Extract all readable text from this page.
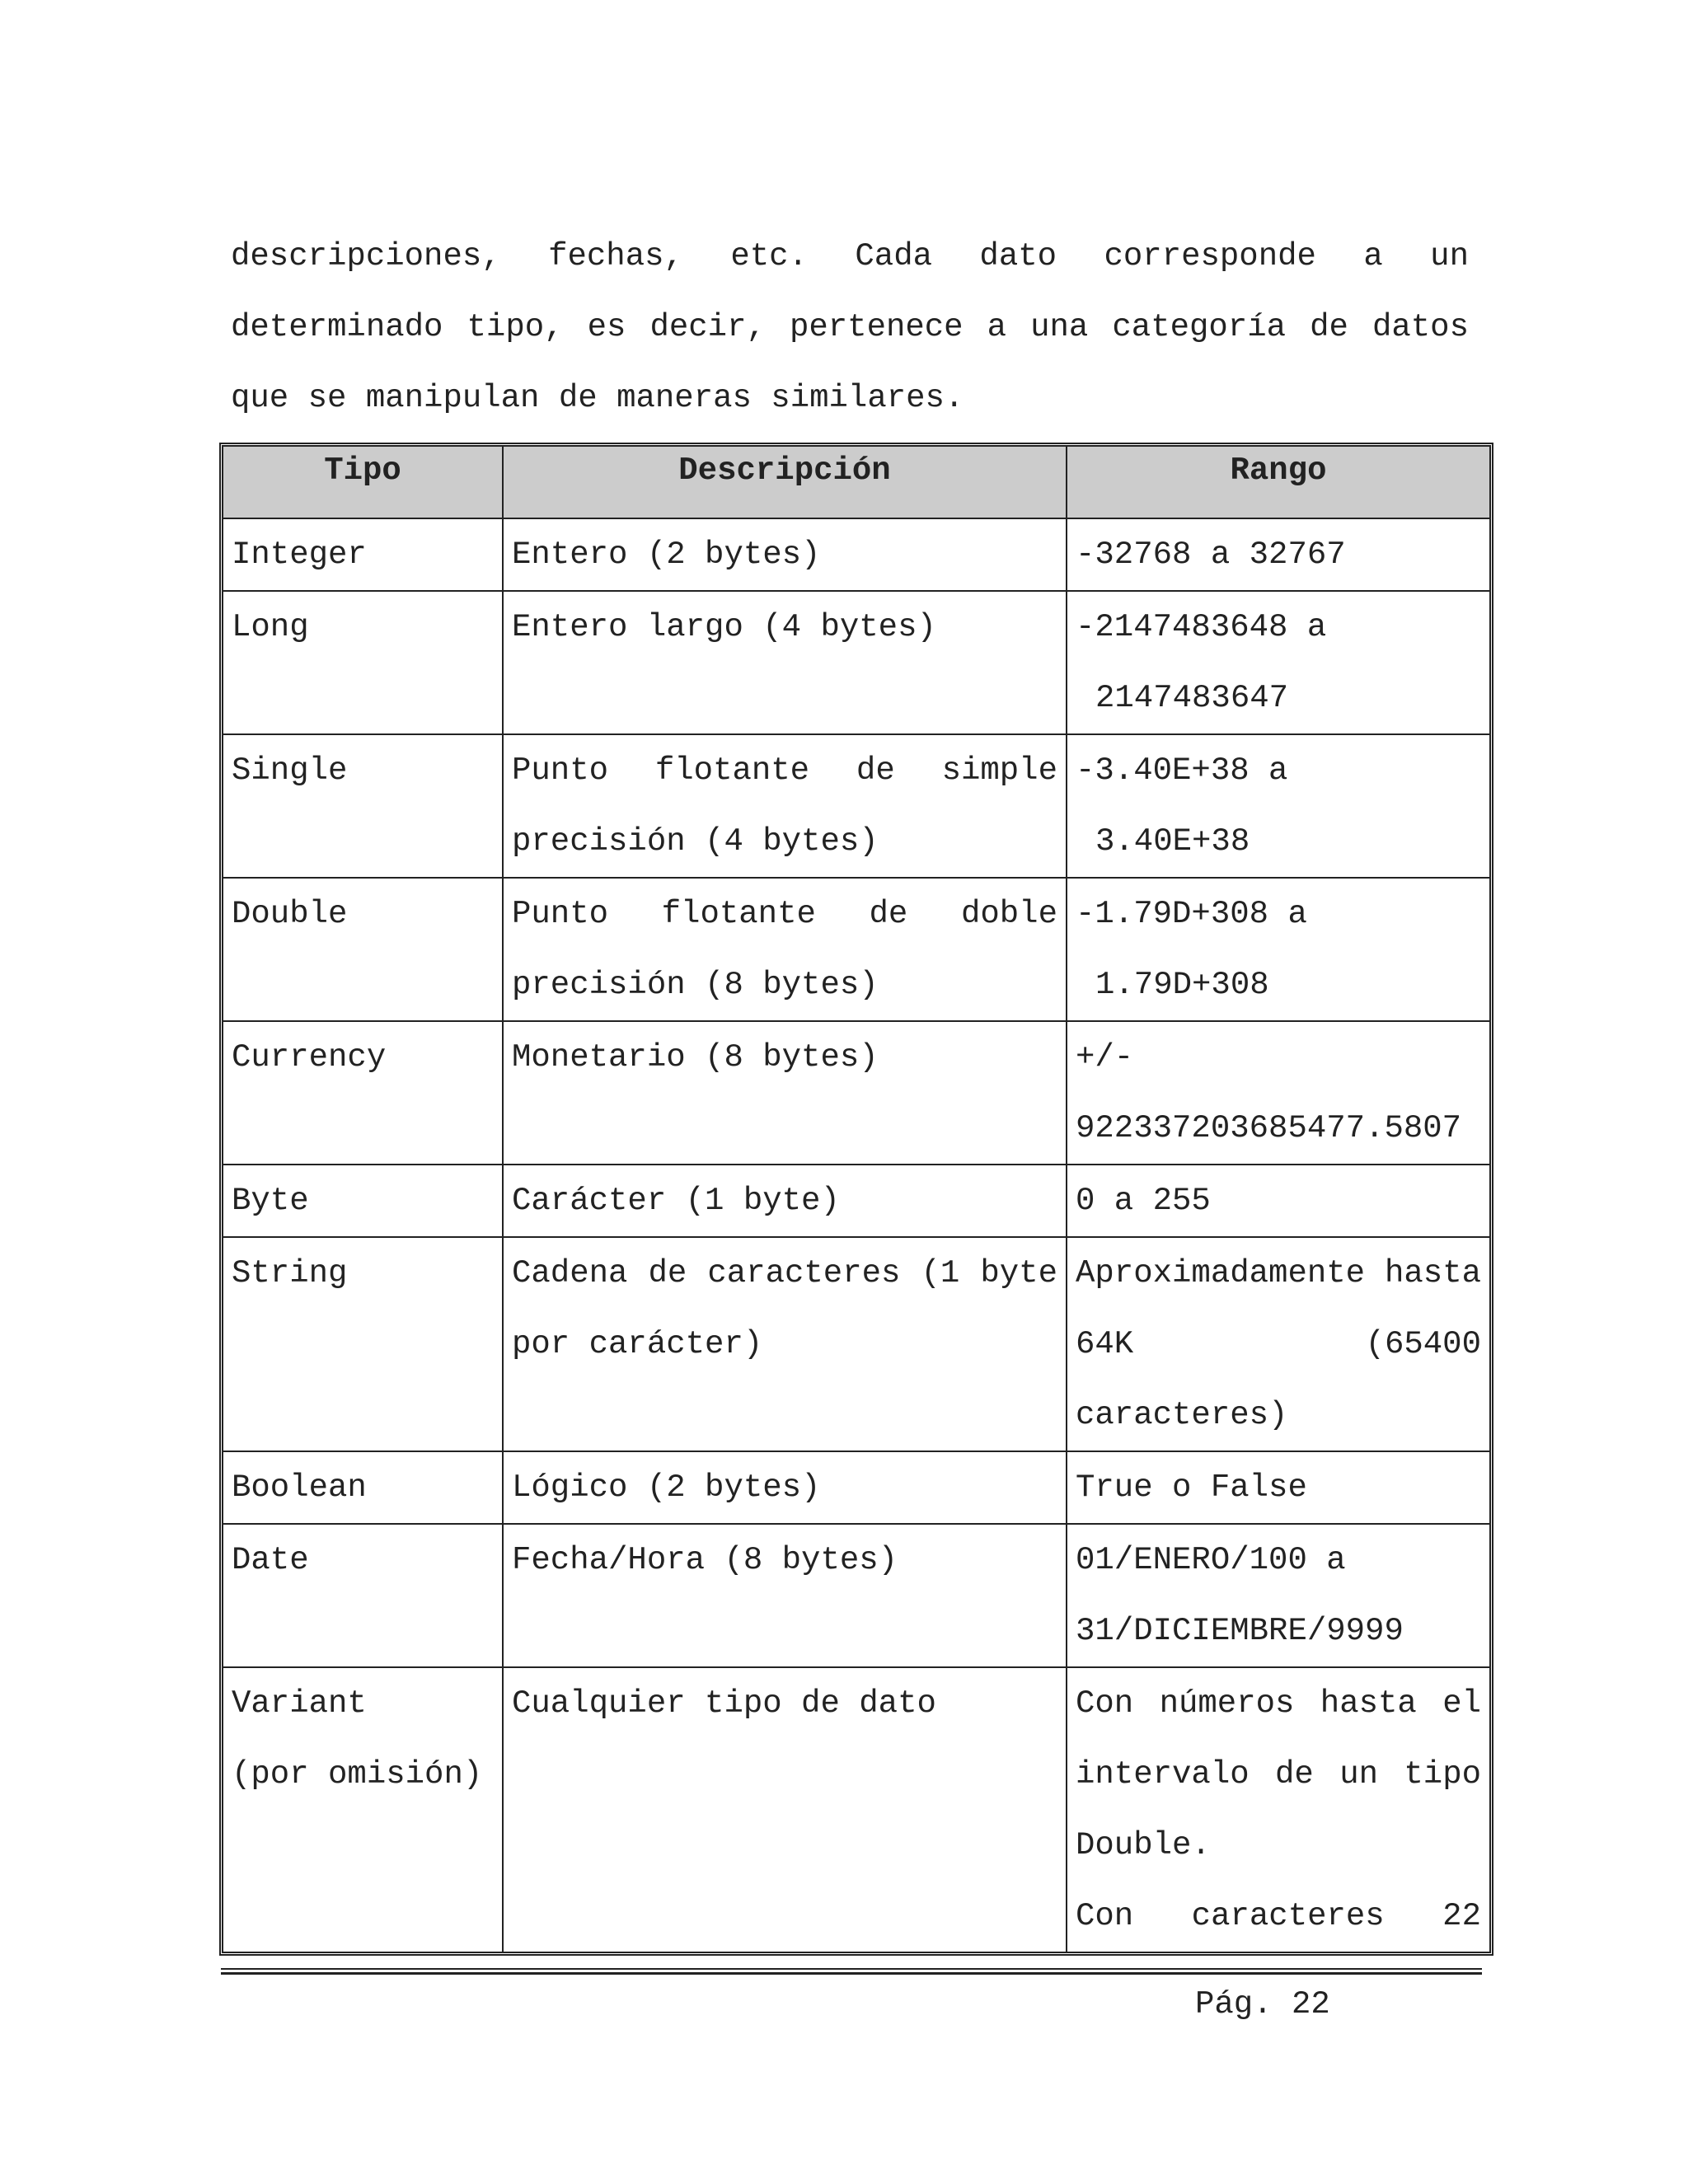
descripciones, fechas, etc. Cada dato corresponde a un
determinado tipo, es decir, pertenece a una categoría de datos
que se manipulan de maneras similares.
Tipo	Descripción	Rango

Integer	Entero (2 bytes)	-32768 a 32767

Long	Entero largo (4 bytes)	-2147483648 a
2147483647

Single	Punto flotante de simple precisión (4 bytes)	-3.40E+38 a
3.40E+38

Double	Punto flotante de doble precisión (8 bytes)	-1.79D+308 a
1.79D+308

Currency	Monetario (8 bytes)	+/-
922337203685477.5807

Byte	Carácter (1 byte)	0 a 255

String	Cadena de caracteres (1 byte por carácter)	Aproximadamente hasta 64K (65400 caracteres)

Boolean	Lógico (2 bytes)	True o False

Date	Fecha/Hora (8 bytes)	01/ENERO/100 a
31/DICIEMBRE/9999

Variant
(por omisión)	Cualquier tipo de dato	Con números hasta el intervalo de un tipo Double.
Con caracteres 22
Pág. 22
